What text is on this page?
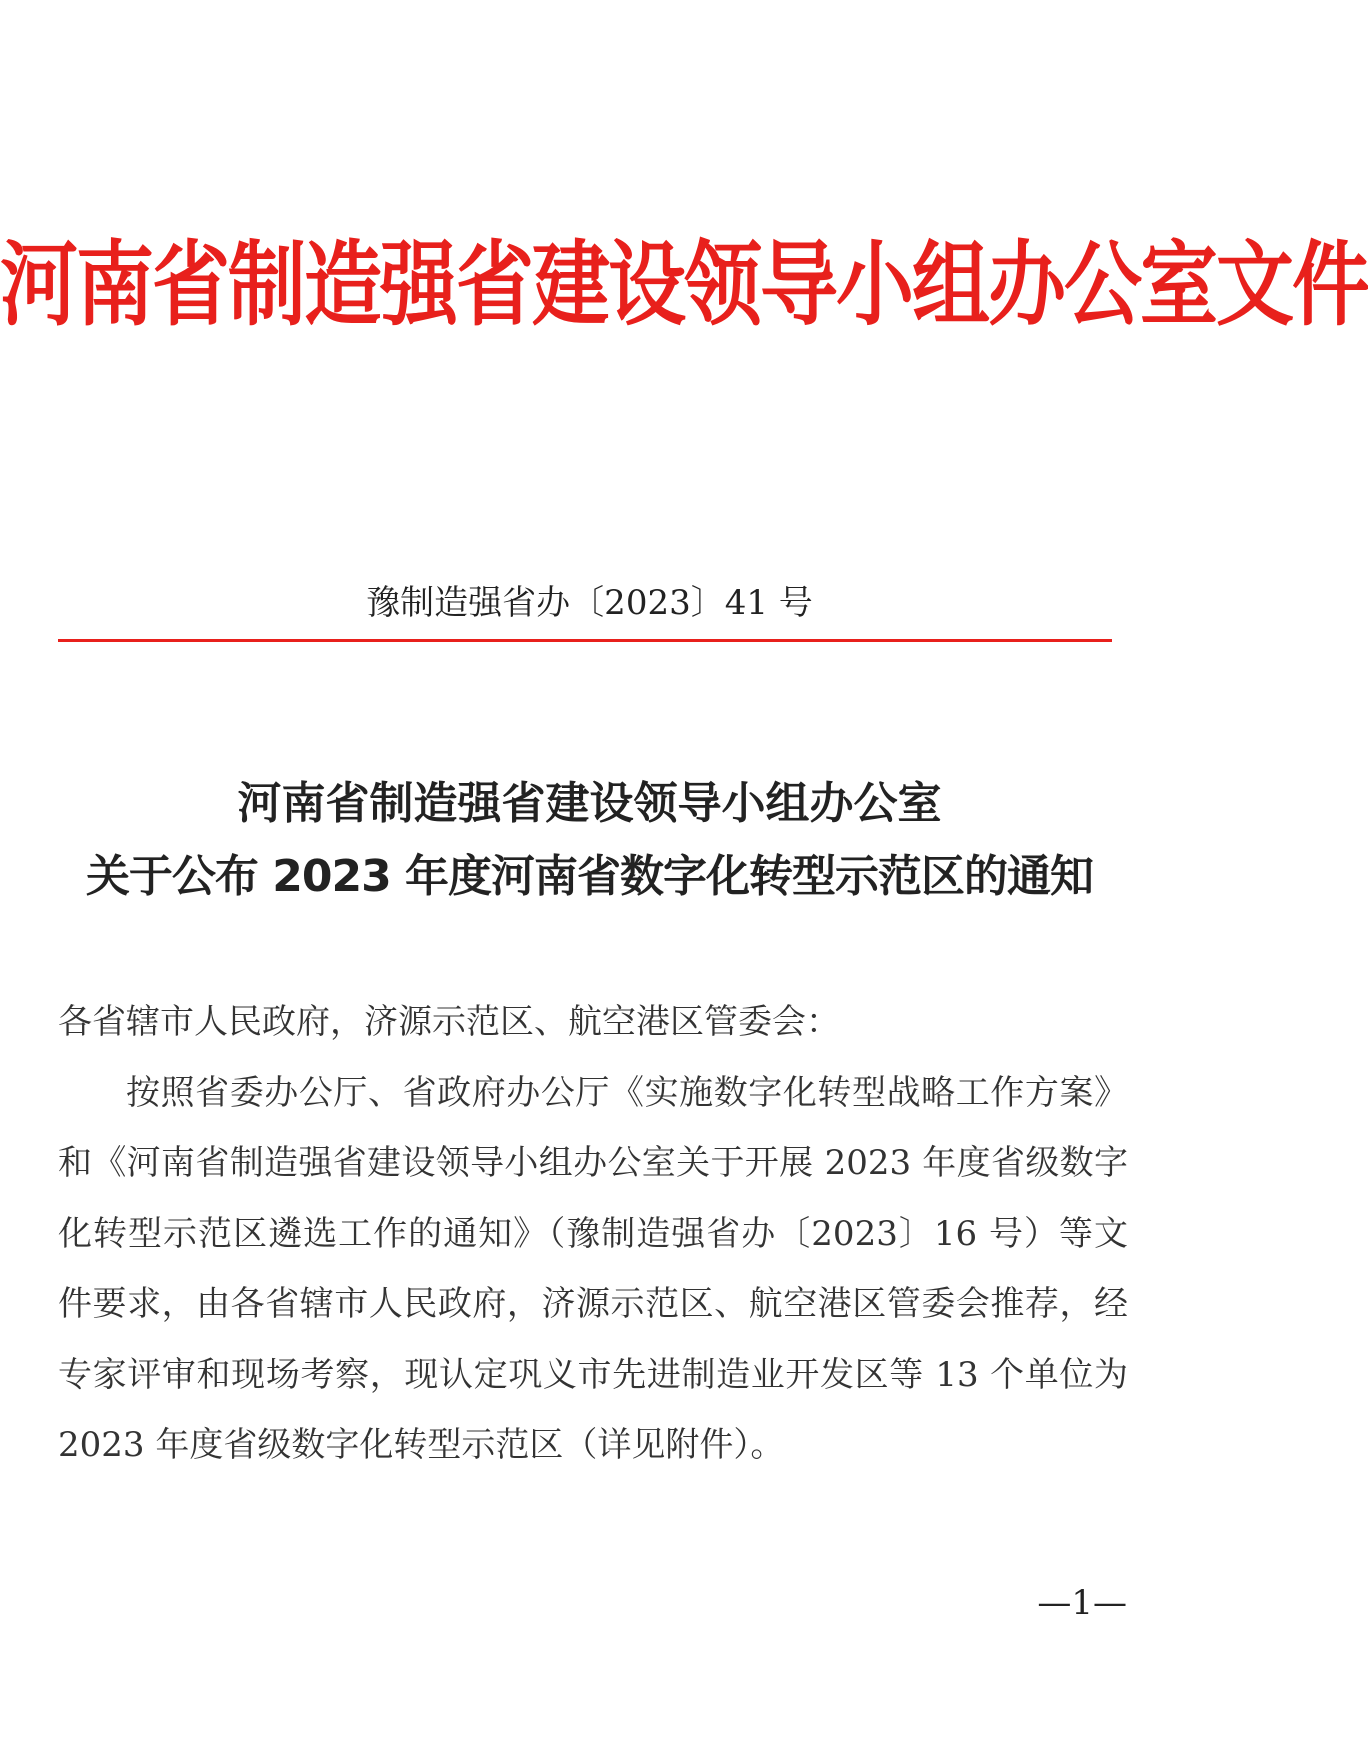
河南省制造强省建设领导小组办公室文件
豫制造强省办〔2023〕41 号
河南省制造强省建设领导小组办公室
关于公布 2023 年度河南省数字化转型示范区的通知

各省辖市人民政府，济源示范区、航空港区管委会：

按照省委办公厅、省政府办公厅《实施数字化转型战略工作方案》和《河南省制造强省建设领导小组办公室关于开展 2023 年度省级数字化转型示范区遴选工作的通知》（豫制造强省办〔2023〕16 号）等文件要求，由各省辖市人民政府，济源示范区、航空港区管委会推荐，经专家评审和现场考察，现认定巩义市先进制造业开发区等 13 个单位为 2023 年度省级数字化转型示范区（详见附件）。

—1—
